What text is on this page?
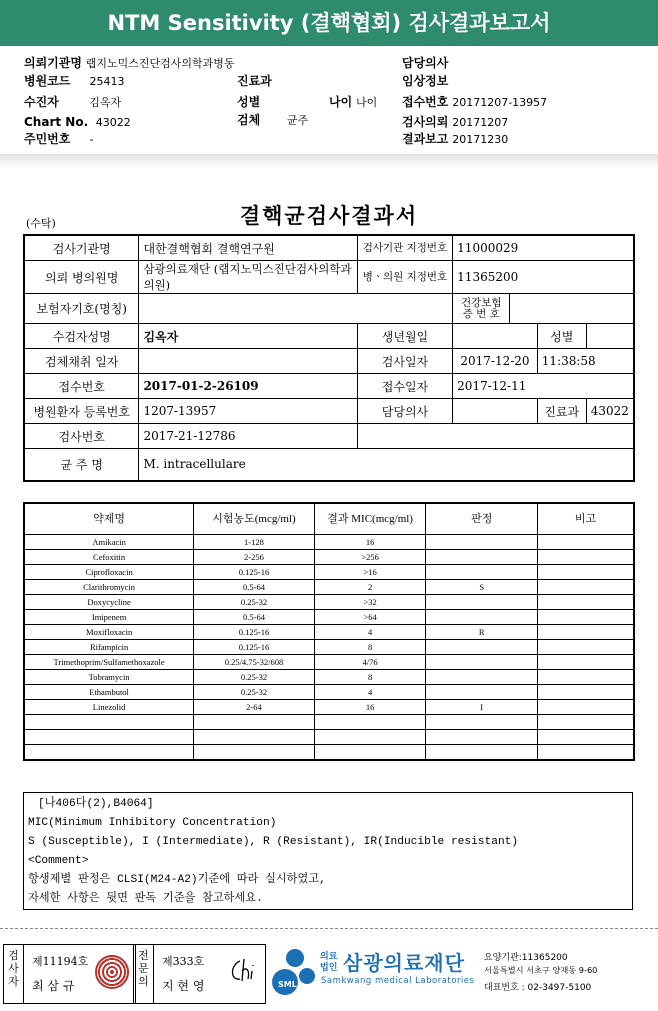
NTM Sensitivity (결핵협회) 검사결과보고서
의뢰기관명 랩지노믹스진단검사의학과병동
병원코드 25413
수진자	김옥자
Chart No. 43022
주민번호 -
진료과
성별	나이 나이
검체 균주
담당의사
임상정보
접수번호 20171207-13957
검사의뢰 20171207
결과보고 20171230
(수탁)	결핵균검사결과서
검사기관명	대한결핵협회 결핵연구원	검사기관 지정번호	11000029			
의뢰 병의원명	삼광의료재단 (랩지노믹스진단검사의학과의원)	병ㆍ의원 지정번호	11365200			
보험자기호(명칭)			건강보험 증 번 호			
수검자성명	김옥자	생년월일			성별	
검체채취 일자		검사일자	2017-12-20		11:38:58	
접수번호	2017-01-2-26109	접수일자	2017-12-11			
병원환자 등록번호	1207-13957	담당의사			진료과	43022
검사번호	2017-21-12786					
균 주 명	M. intracellulare					
약제명	시험농도(mcg/ml)	결과 MIC(mcg/ml)	판정	비고
Amikacin	1-128	16		
Cefoxitin	2-256	>256		
Ciprofloxacin	0.125-16	>16		
Clarithromycin	0.5-64	2	S	
Doxycycline	0.25-32	>32		
Imipenem	0.5-64	>64		
Moxifloxacin	0.125-16	4	R	
Rifampicin	0.125-16	8		
Trimethoprim/Sulfamethoxazole	0.25/4.75-32/608	4/76		
Tobramycin	0.25-32	8		
Ethambutol	0.25-32	4		
Linezolid	2-64	16	I	

[나406다(2),B4064]
MIC(Minimum Inhibitory Concentration)
S (Susceptible), I (Intermediate), R (Resistant), IR(Inducible resistant)
<Comment>
항생제별 판정은 CLSI(M24-A2)기준에 따라 실시하였고,
자세한 사항은 뒷면 판독 기준을 참고하세요.
검사자
제11194호
최 삼 규
전문의
제333호
지 현 영	SML
의료법인 삼광의료재단
Samkwang medical Laboratories
요양기관:11365200
서울특별시 서초구 양재동 9-60
대표번호 : 02-3497-5100
